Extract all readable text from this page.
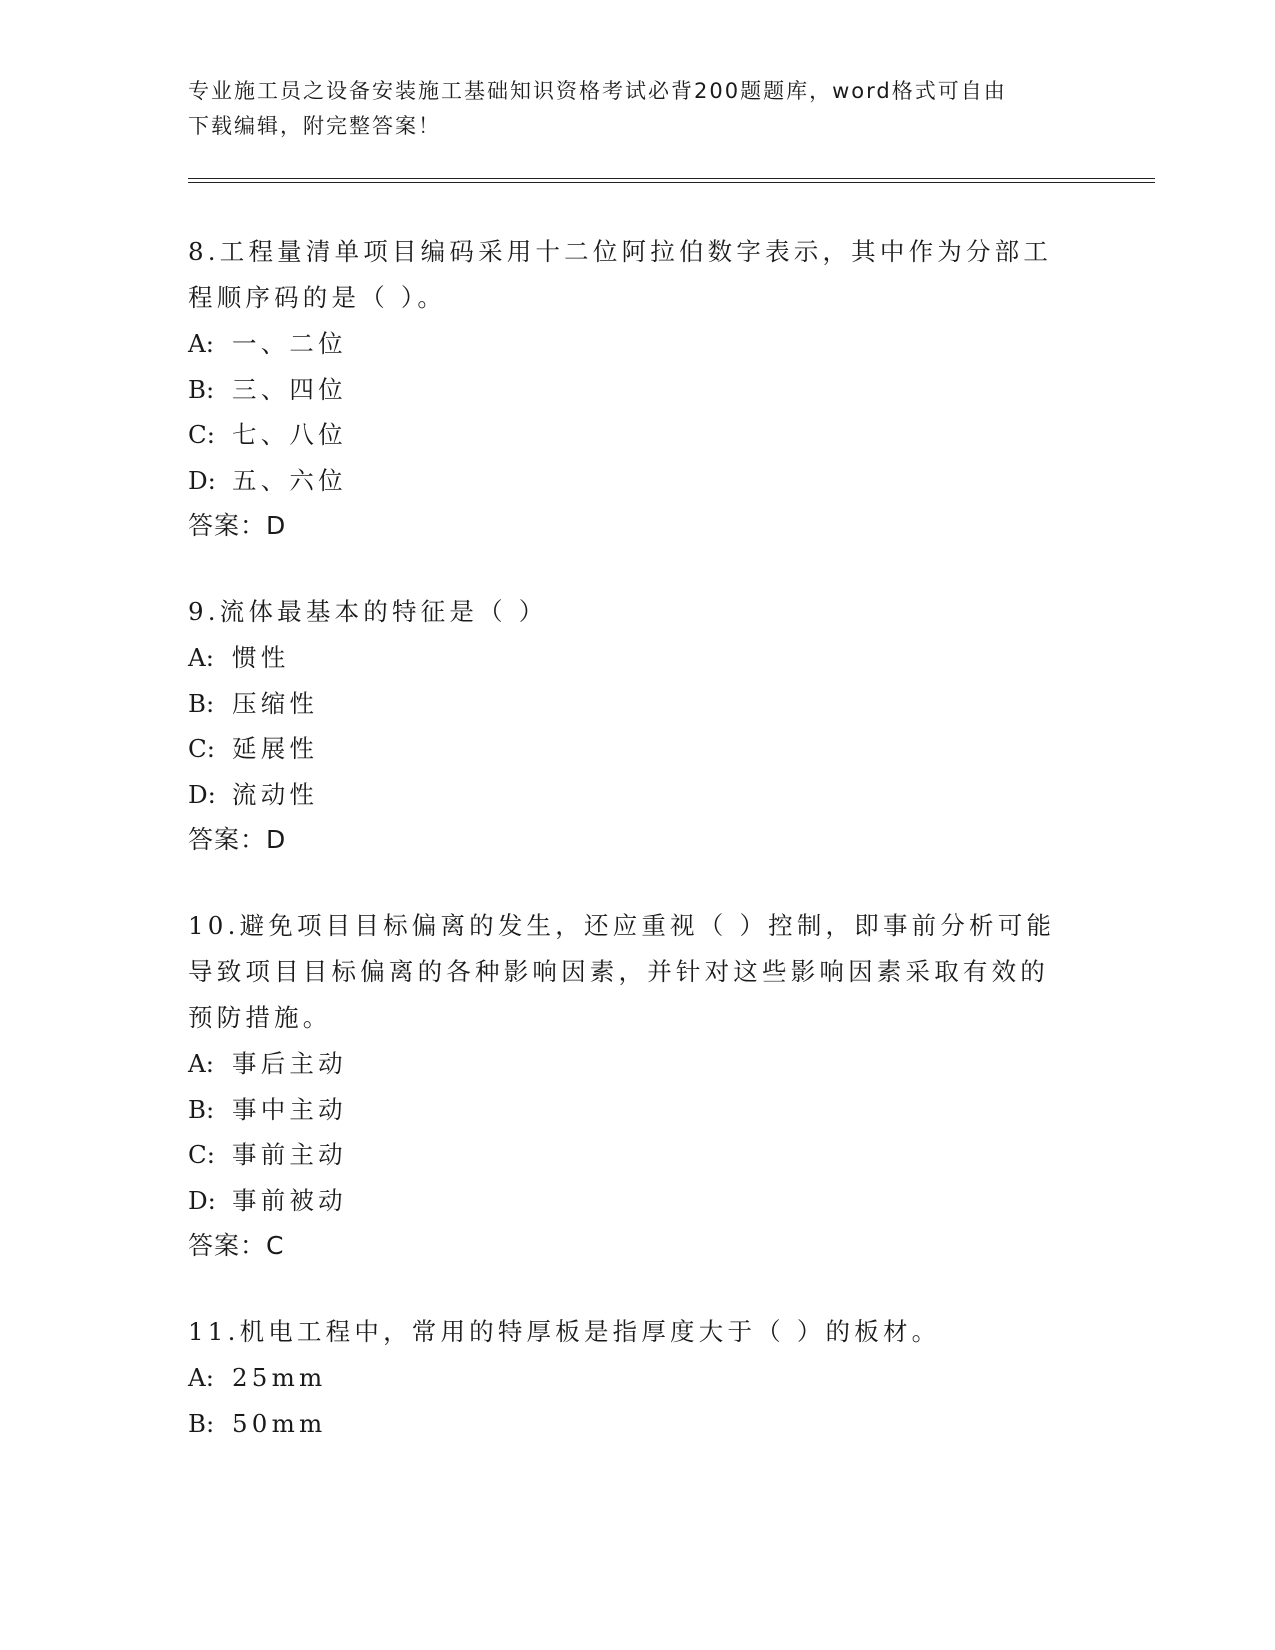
专业施工员之设备安装施工基础知识资格考试必背200题题库，word格式可自由
下载编辑，附完整答案！
8.工程量清单项目编码采用十二位阿拉伯数字表示，其中作为分部工
程顺序码的是（ ）。
A: 一、二位
B: 三、四位
C: 七、八位
D: 五、六位
答案：D
9.流体最基本的特征是（ ）
A: 惯性
B: 压缩性
C: 延展性
D: 流动性
答案：D
10.避免项目目标偏离的发生，还应重视（ ）控制，即事前分析可能
导致项目目标偏离的各种影响因素，并针对这些影响因素采取有效的
预防措施。
A: 事后主动
B: 事中主动
C: 事前主动
D: 事前被动
答案：C
11.机电工程中，常用的特厚板是指厚度大于（ ）的板材。
A: 25mm
B: 50mm
